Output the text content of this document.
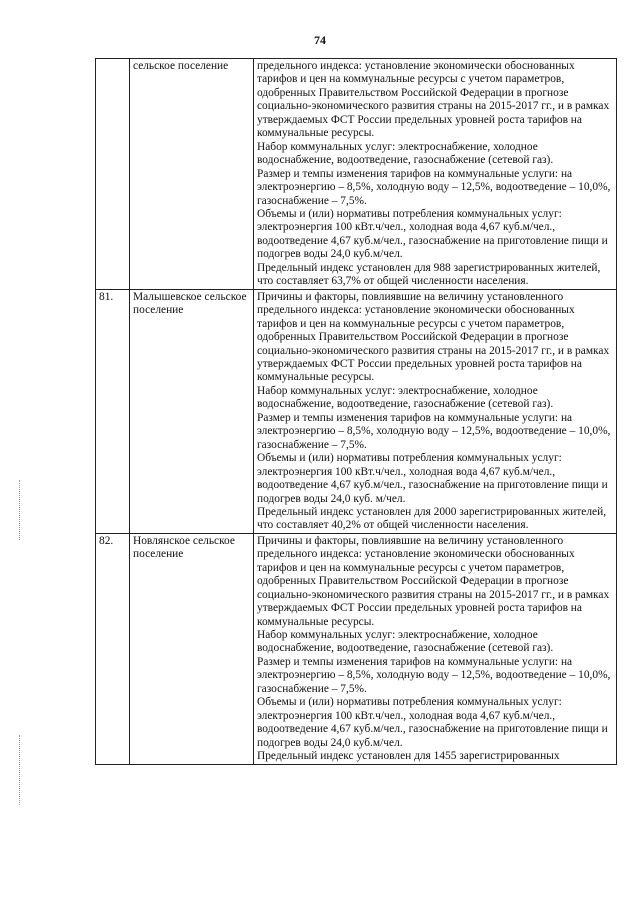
74
	сельское поселение	предельного индекса: установление экономически обоснованных тарифов и цен на коммунальные ресурсы с учетом параметров, одобренных Правительством Российской Федерации в прогнозе социально-экономического развития страны на 2015-2017 гг., и в рамках утверждаемых ФСТ России предельных уровней роста тарифов на коммунальные ресурсы.

Набор коммунальных услуг: электроснабжение, холодное водоснабжение, водоотведение, газоснабжение (сетевой газ).

Размер и темпы изменения тарифов на коммунальные услуги: на электроэнергию – 8,5%, холодную воду – 12,5%, водоотведение – 10,0%, газоснабжение – 7,5%.

Объемы и (или) нормативы потребления коммунальных услуг: электроэнергия 100 кВт.ч/чел., холодная вода 4,67 куб.м/чел., водоотведение 4,67 куб.м/чел., газоснабжение на приготовление пищи и подогрев воды 24,0 куб.м/чел.

Предельный индекс установлен для 988 зарегистрированных жителей, что составляет 63,7% от общей численности населения.

81.	Малышевское сельское поселение	Причины и факторы, повлиявшие на величину установленного предельного индекса: установление экономически обоснованных тарифов и цен на коммунальные ресурсы с учетом параметров, одобренных Правительством Российской Федерации в прогнозе социально-экономического развития страны на 2015-2017 гг., и в рамках утверждаемых ФСТ России предельных уровней роста тарифов на коммунальные ресурсы.

Набор коммунальных услуг: электроснабжение, холодное водоснабжение, водоотведение, газоснабжение (сетевой газ).

Размер и темпы изменения тарифов на коммунальные услуги: на электроэнергию – 8,5%, холодную воду – 12,5%, водоотведение – 10,0%, газоснабжение – 7,5%.

Объемы и (или) нормативы потребления коммунальных услуг: электроэнергия 100 кВт.ч/чел., холодная вода 4,67 куб.м/чел., водоотведение 4,67 куб.м/чел., газоснабжение на приготовление пищи и подогрев воды 24,0 куб. м/чел.

Предельный индекс установлен для 2000 зарегистрированных жителей, что составляет 40,2% от общей численности населения.

82.	Новлянское сельское поселение	Причины и факторы, повлиявшие на величину установленного предельного индекса: установление экономически обоснованных тарифов и цен на коммунальные ресурсы с учетом параметров, одобренных Правительством Российской Федерации в прогнозе социально-экономического развития страны на 2015-2017 гг., и в рамках утверждаемых ФСТ России предельных уровней роста тарифов на коммунальные ресурсы.

Набор коммунальных услуг: электроснабжение, холодное водоснабжение, водоотведение, газоснабжение (сетевой газ).

Размер и темпы изменения тарифов на коммунальные услуги: на электроэнергию – 8,5%, холодную воду – 12,5%, водоотведение – 10,0%, газоснабжение – 7,5%.

Объемы и (или) нормативы потребления коммунальных услуг: электроэнергия 100 кВт.ч/чел., холодная вода 4,67 куб.м/чел., водоотведение 4,67 куб.м/чел., газоснабжение на приготовление пищи и подогрев воды 24,0 куб.м/чел.

Предельный индекс установлен для 1455 зарегистрированных
